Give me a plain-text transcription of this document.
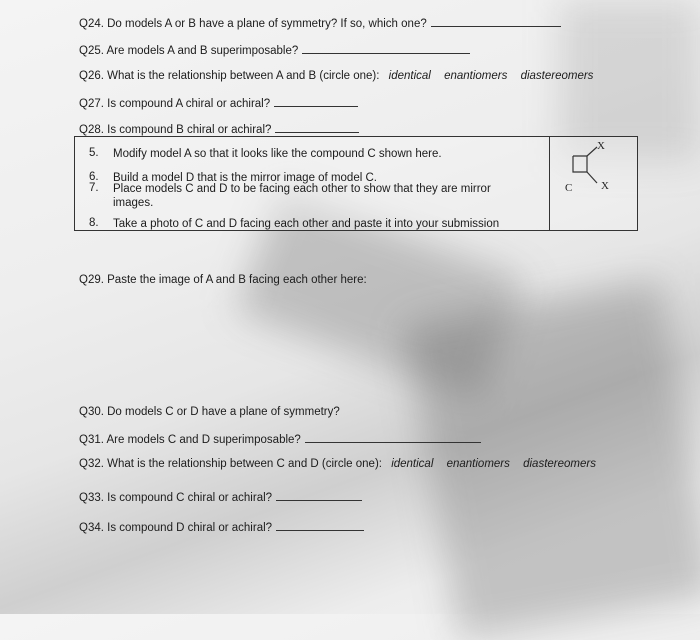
Q24. Do models A or B have a plane of symmetry? If so, which one?
Q25. Are models A and B superimposable?
Q26. What is the relationship between A and B (circle one): identical enantiomers diastereomers
Q27. Is compound A chiral or achiral?
Q28. Is compound B chiral or achiral?
5. Modify model A so that it looks like the compound C shown here.
6. Build a model D that is the mirror image of model C.
7. Place models C and D to be facing each other to show that they are mirror images.
8. Take a photo of C and D facing each other and paste it into your submission
X
X
C
Q29. Paste the image of A and B facing each other here:
Q30. Do models C or D have a plane of symmetry?
Q31. Are models C and D superimposable?
Q32. What is the relationship between C and D (circle one): identical enantiomers diastereomers
Q33. Is compound C chiral or achiral?
Q34. Is compound D chiral or achiral?
